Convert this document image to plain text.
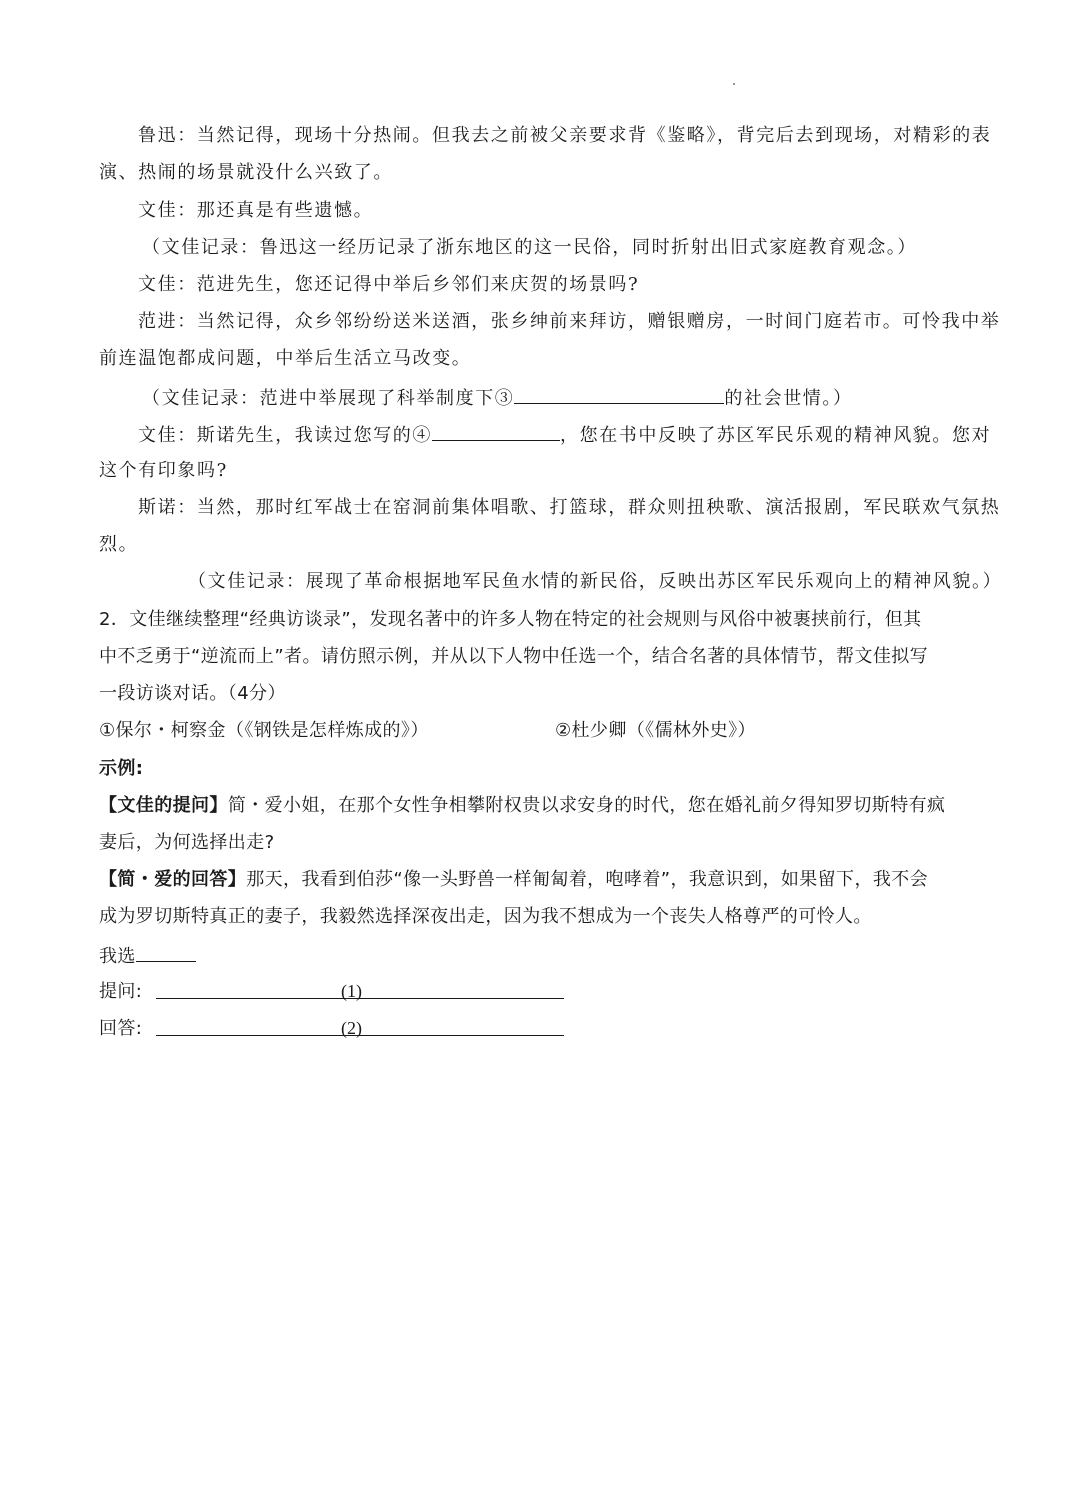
鲁迅：当然记得，现场十分热闹。但我去之前被父亲要求背《鉴略》，背完后去到现场，对精彩的表
演、热闹的场景就没什么兴致了。
文佳：那还真是有些遗憾。
（文佳记录：鲁迅这一经历记录了浙东地区的这一民俗，同时折射出旧式家庭教育观念。）
文佳：范进先生，您还记得中举后乡邻们来庆贺的场景吗?
范进：当然记得，众乡邻纷纷送米送酒，张乡绅前来拜访，赠银赠房，一时间门庭若市。可怜我中举
前连温饱都成问题，中举后生活立马改变。
（文佳记录：范进中举展现了科举制度下③	的社会世情。）
文佳：斯诺先生，我读过您写的④	，您在书中反映了苏区军民乐观的精神风貌。您对
这个有印象吗?
斯诺：当然，那时红军战士在窑洞前集体唱歌、打篮球，群众则扭秧歌、演活报剧，军民联欢气氛热
烈。
（文佳记录：展现了革命根据地军民鱼水情的新民俗，反映出苏区军民乐观向上的精神风貌。）
2．文佳继续整理“经典访谈录”，发现名著中的许多人物在特定的社会规则与风俗中被裹挟前行，但其
中不乏勇于“逆流而上”者。请仿照示例，并从以下人物中任选一个，结合名著的具体情节，帮文佳拟写
一段访谈对话。（4分）
①保尔・柯察金（《钢铁是怎样炼成的》）	②杜少卿（《儒林外史》）
示例:
【文佳的提问】简・爱小姐，在那个女性争相攀附权贵以求安身的时代，您在婚礼前夕得知罗切斯特有疯
妻后，为何选择出走?
【简・爱的回答】那天，我看到伯莎“像一头野兽一样匍匐着，咆哮着”，我意识到，如果留下，我不会
成为罗切斯特真正的妻子，我毅然选择深夜出走，因为我不想成为一个丧失人格尊严的可怜人。
我选
提问:	(1)
回答:	(2)
